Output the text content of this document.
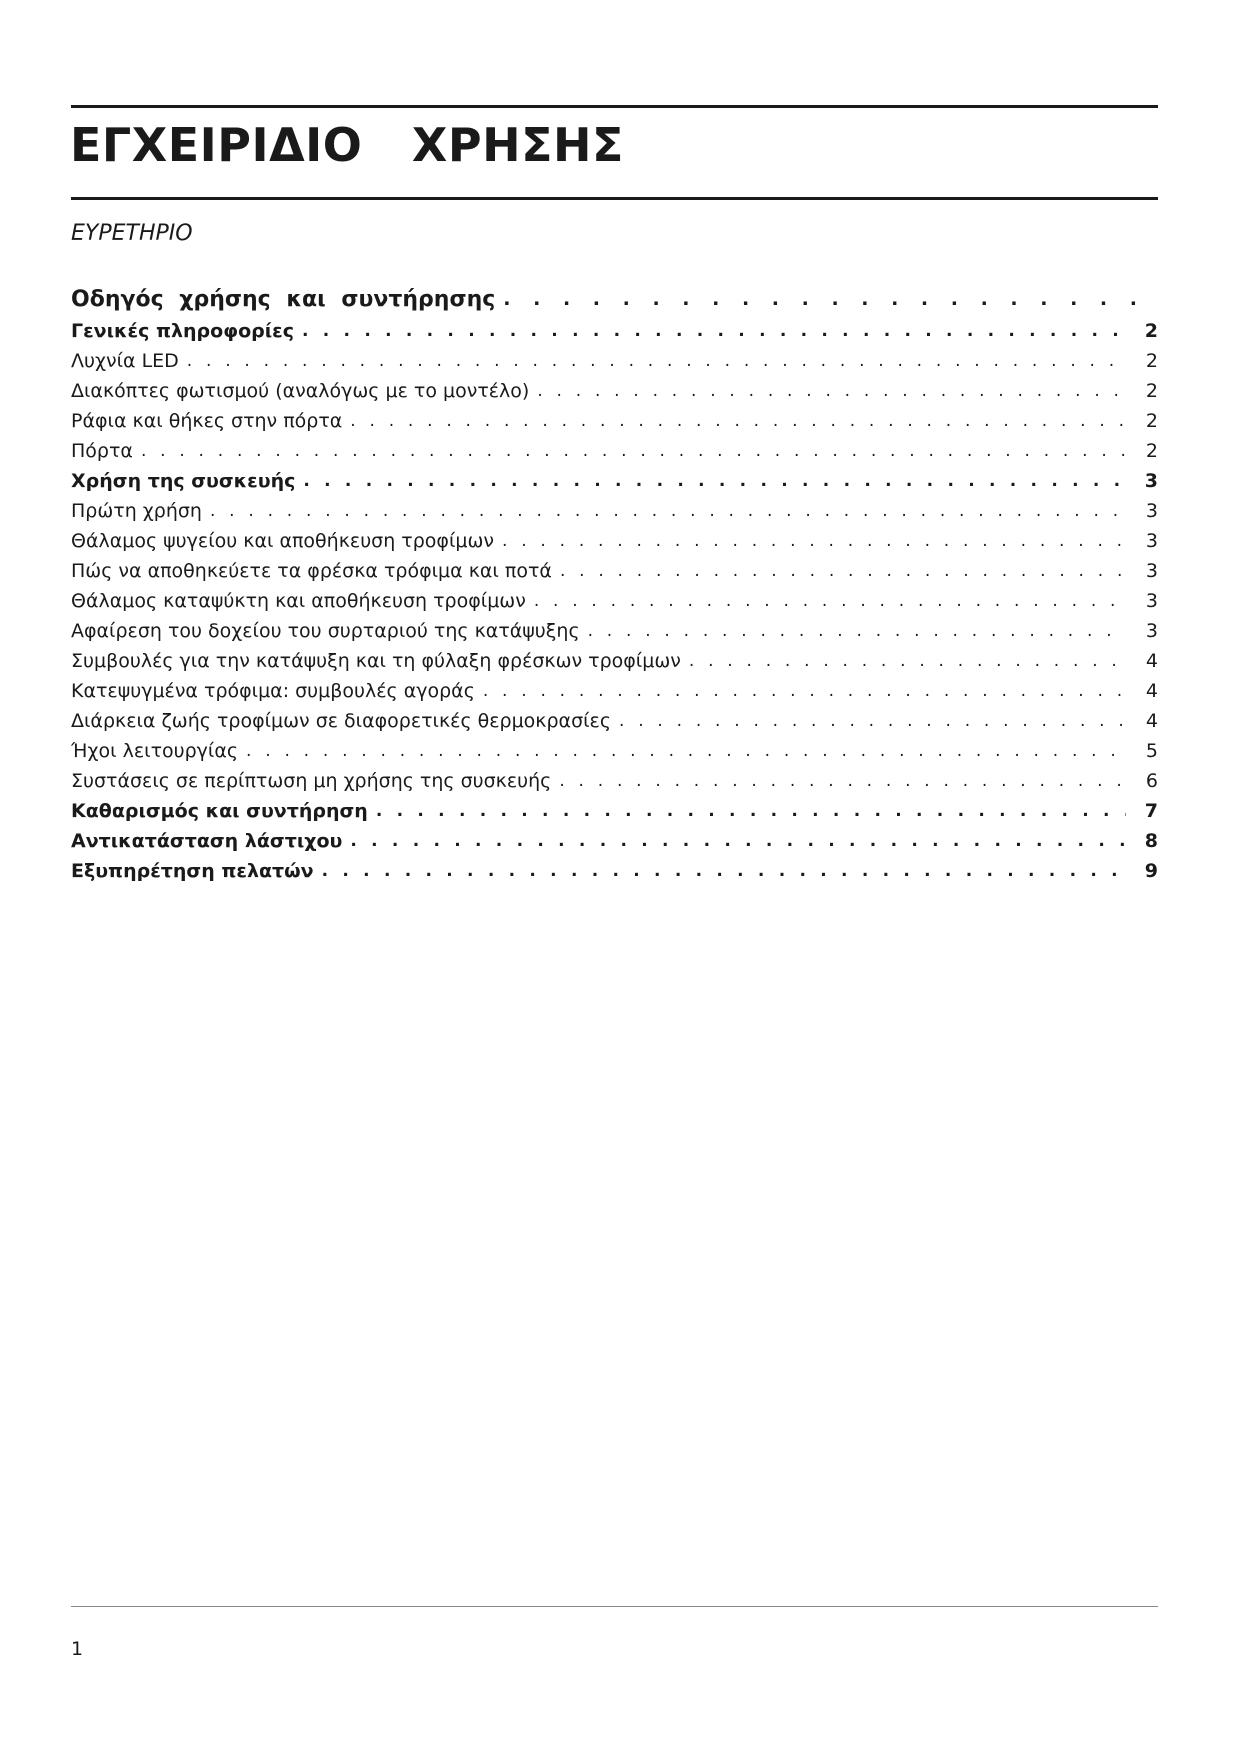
ΕΓΧΕΙΡΙΔΙΟ   ΧΡΗΣΗΣ
ΕΥΡΕΤΗΡΙΟ
Οδηγός χρήσης και συντήρησης
. . .
Γενικές πληροφορίες . . .	2
Λυχνία LED . . .	2
Διακόπτες φωτισμού (αναλόγως με το μοντέλο) . . .	2
Ράφια και θήκες στην πόρτα . . .	2
Πόρτα . . .	2
Χρήση της συσκευής . . .	3
Πρώτη χρήση . . .	3
Θάλαμος ψυγείου και αποθήκευση τροφίμων . . .	3
Πώς να αποθηκεύετε τα φρέσκα τρόφιμα και ποτά . . .	3
Θάλαμος καταψύκτη και αποθήκευση τροφίμων . . .	3
Αφαίρεση του δοχείου του συρταριού της κατάψυξης . . .	3
Συμβουλές για την κατάψυξη και τη φύλαξη φρέσκων τροφίμων . . .	4
Κατεψυγμένα τρόφιμα: συμβουλές αγοράς . . .	4
Διάρκεια ζωής τροφίμων σε διαφορετικές θερμοκρασίες . . .	4
Ήχοι λειτουργίας . . .	5
Συστάσεις σε περίπτωση μη χρήσης της συσκευής . . .	6
Καθαρισμός και συντήρηση . . .	7
Αντικατάσταση λάστιχου . . .	8
Εξυπηρέτηση πελατών . . .	9
1
